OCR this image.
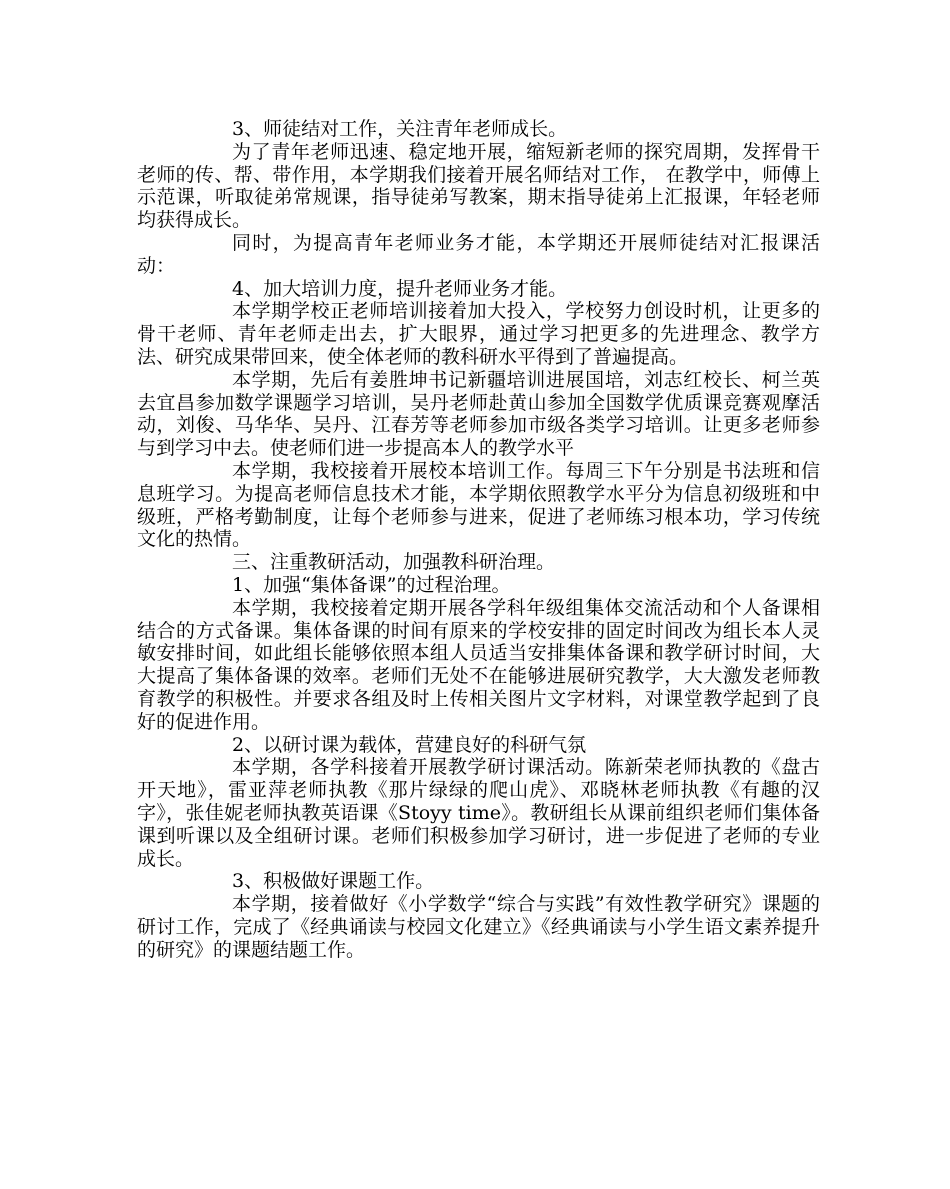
3、师徒结对工作，关注青年老师成长。

为了青年老师迅速、稳定地开展，缩短新老师的探究周期，发挥骨干老师的传、帮、带作用，本学期我们接着开展名师结对工作， 在教学中，师傅上示范课，听取徒弟常规课，指导徒弟写教案，期末指导徒弟上汇报课，年轻老师均获得成长。

同时，为提高青年老师业务才能，本学期还开展师徒结对汇报课活动：

4、加大培训力度，提升老师业务才能。

本学期学校正老师培训接着加大投入，学校努力创设时机，让更多的骨干老师、青年老师走出去，扩大眼界，通过学习把更多的先进理念、教学方法、研究成果带回来，使全体老师的教科研水平得到了普遍提高。

本学期，先后有姜胜坤书记新疆培训进展国培，刘志红校长、柯兰英去宜昌参加数学课题学习培训，吴丹老师赴黄山参加全国数学优质课竞赛观摩活动，刘俊、马华华、吴丹、江春芳等老师参加市级各类学习培训。让更多老师参与到学习中去。使老师们进一步提高本人的教学水平

本学期，我校接着开展校本培训工作。每周三下午分别是书法班和信息班学习。为提高老师信息技术才能，本学期依照教学水平分为信息初级班和中级班，严格考勤制度，让每个老师参与进来，促进了老师练习根本功，学习传统文化的热情。

三、注重教研活动，加强教科研治理。

1、加强“集体备课”的过程治理。

本学期，我校接着定期开展各学科年级组集体交流活动和个人备课相结合的方式备课。集体备课的时间有原来的学校安排的固定时间改为组长本人灵敏安排时间，如此组长能够依照本组人员适当安排集体备课和教学研讨时间，大大提高了集体备课的效率。老师们无处不在能够进展研究教学，大大激发老师教育教学的积极性。并要求各组及时上传相关图片文字材料，对课堂教学起到了良好的促进作用。

2、以研讨课为载体，营建良好的科研气氛

本学期，各学科接着开展教学研讨课活动。陈新荣老师执教的《盘古开天地》，雷亚萍老师执教《那片绿绿的爬山虎》、邓晓林老师执教《有趣的汉字》，张佳妮老师执教英语课《Stoyy time》。教研组长从课前组织老师们集体备课到听课以及全组研讨课。老师们积极参加学习研讨，进一步促进了老师的专业成长。

3、积极做好课题工作。

本学期，接着做好《小学数学“综合与实践”有效性教学研究》课题的研讨工作，完成了《经典诵读与校园文化建立》《经典诵读与小学生语文素养提升的研究》的课题结题工作。
